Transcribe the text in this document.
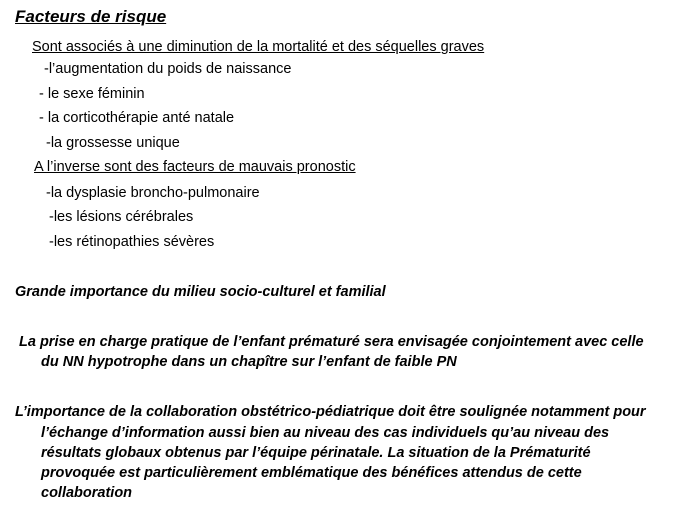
Facteurs de risque
Sont associés à une diminution de la mortalité et des séquelles graves
-l’augmentation du poids de naissance
- le sexe féminin
- la corticothérapie anté natale
-la grossesse unique
A l’inverse sont des facteurs de mauvais pronostic
-la dysplasie broncho-pulmonaire
-les lésions cérébrales
-les rétinopathies sévères
Grande importance du milieu socio-culturel et familial
La prise en charge pratique de l’enfant prématuré sera envisagée conjointement avec celle
du NN hypotrophe dans un chapître sur l’enfant de faible PN
L’importance de la collaboration obstétrico-pédiatrique doit être soulignée notamment pour
l’échange d’information aussi bien au niveau des cas individuels qu’au niveau des
résultats globaux obtenus par l’équipe périnatale. La situation de la Prématurité
provoquée est particulièrement emblématique des bénéfices attendus de cette
collaboration
